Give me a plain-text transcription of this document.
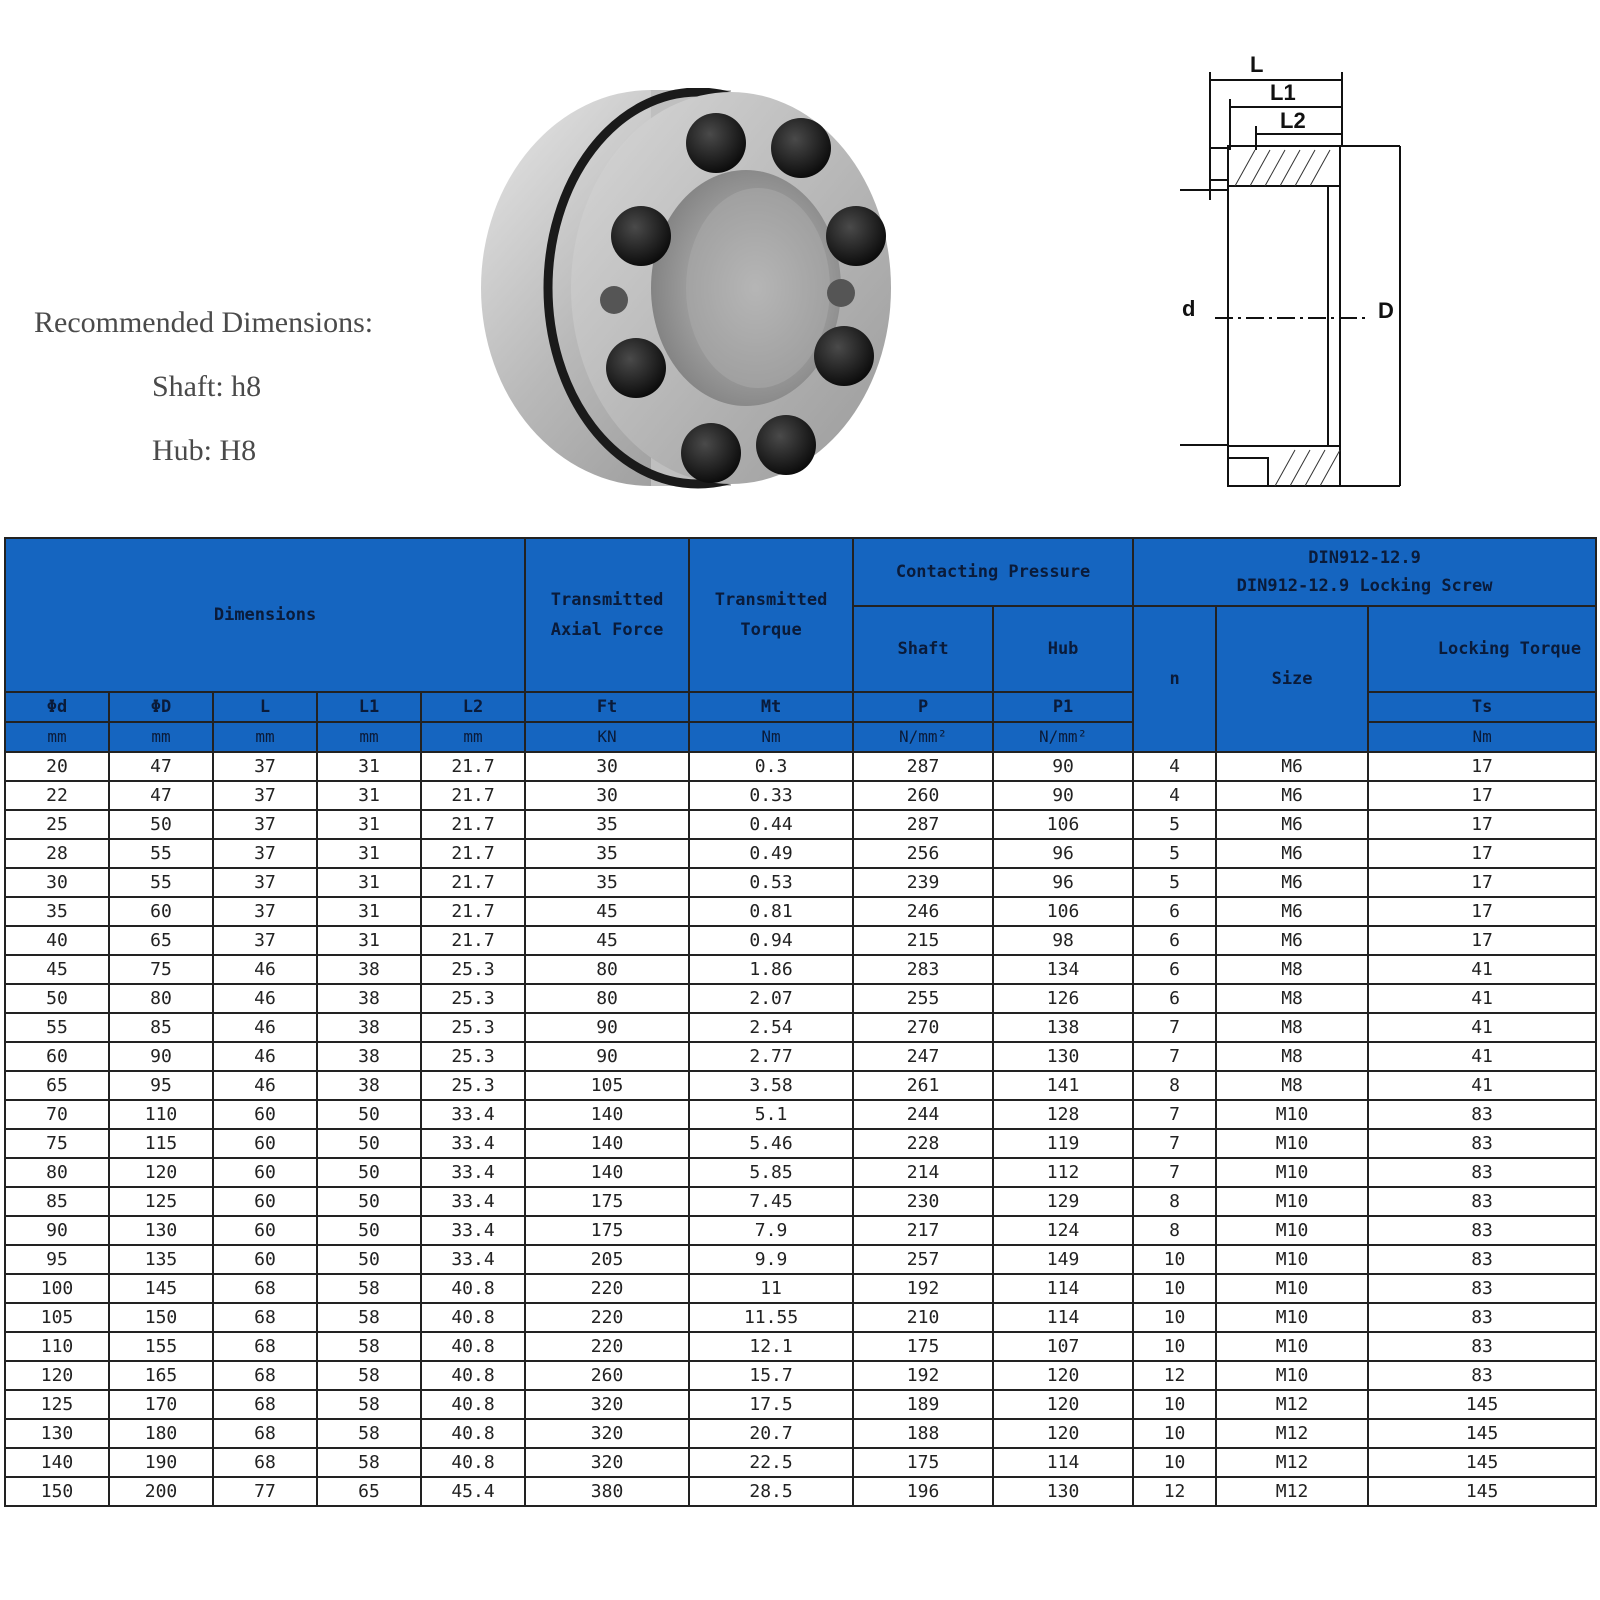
Recommended Dimensions:
Shaft: h8
Hub: H8
L
L1
L2
d	D
Dimensions					Transmitted Axial Force	Transmitted Torque	Contacting Pressure		DIN912-12.9
DIN912-12.9 Locking Screw		

							Shaft	Hub	n	Size	Locking Torque

Φd	ΦD	L	L1	L2	Ft	Mt	P	P1			Ts
mm	mm	mm	mm	mm	KN	Nm	N/mm²	N/mm²			Nm
20	47	37	31	21.7	30	0.3	287	90	4	M6	17
22	47	37	31	21.7	30	0.33	260	90	4	M6	17
25	50	37	31	21.7	35	0.44	287	106	5	M6	17
28	55	37	31	21.7	35	0.49	256	96	5	M6	17
30	55	37	31	21.7	35	0.53	239	96	5	M6	17
35	60	37	31	21.7	45	0.81	246	106	6	M6	17
40	65	37	31	21.7	45	0.94	215	98	6	M6	17
45	75	46	38	25.3	80	1.86	283	134	6	M8	41
50	80	46	38	25.3	80	2.07	255	126	6	M8	41
55	85	46	38	25.3	90	2.54	270	138	7	M8	41
60	90	46	38	25.3	90	2.77	247	130	7	M8	41
65	95	46	38	25.3	105	3.58	261	141	8	M8	41
70	110	60	50	33.4	140	5.1	244	128	7	M10	83
75	115	60	50	33.4	140	5.46	228	119	7	M10	83
80	120	60	50	33.4	140	5.85	214	112	7	M10	83
85	125	60	50	33.4	175	7.45	230	129	8	M10	83
90	130	60	50	33.4	175	7.9	217	124	8	M10	83
95	135	60	50	33.4	205	9.9	257	149	10	M10	83
100	145	68	58	40.8	220	11	192	114	10	M10	83
105	150	68	58	40.8	220	11.55	210	114	10	M10	83
110	155	68	58	40.8	220	12.1	175	107	10	M10	83
120	165	68	58	40.8	260	15.7	192	120	12	M10	83
125	170	68	58	40.8	320	17.5	189	120	10	M12	145
130	180	68	58	40.8	320	20.7	188	120	10	M12	145
140	190	68	58	40.8	320	22.5	175	114	10	M12	145
150	200	77	65	45.4	380	28.5	196	130	12	M12	145
